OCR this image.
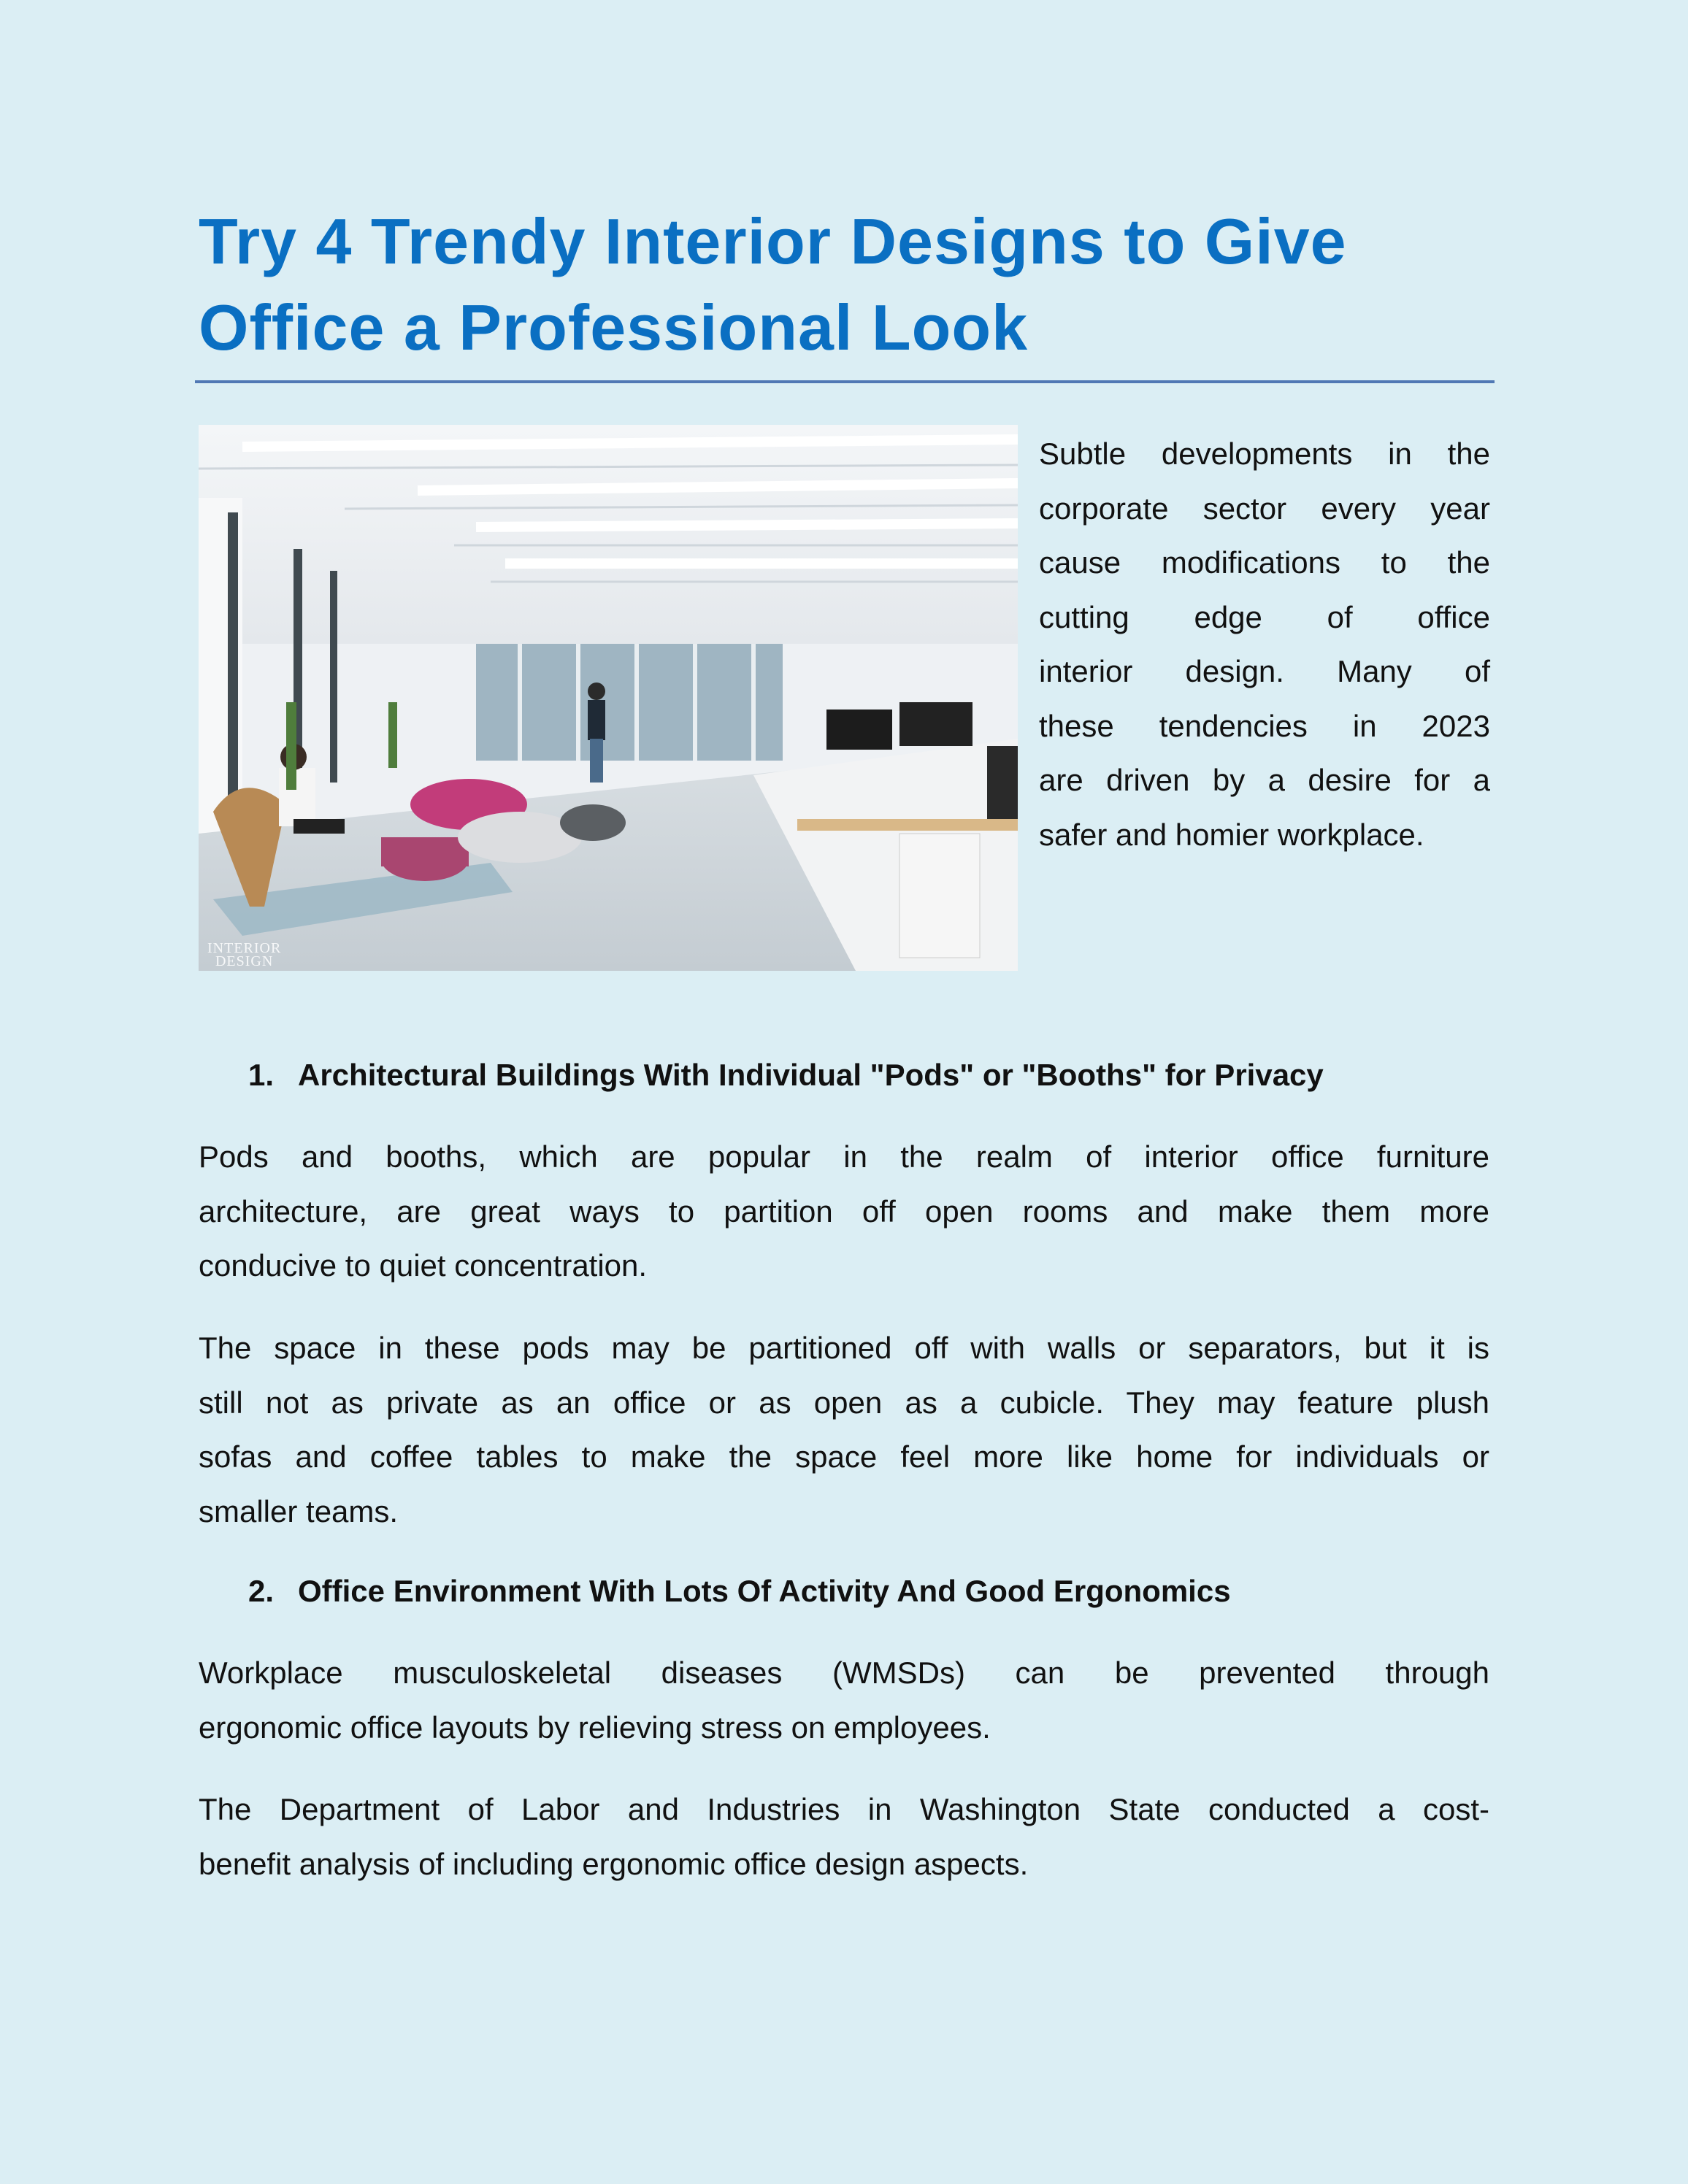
Try 4 Trendy Interior Designs to Give
Office a Professional Look
INTERIOR
DESIGN
Subtle developments in the
corporate sector every year
cause modifications to the
cutting edge of office
interior design. Many of
these tendencies in 2023
are driven by a desire for a
safer and homier workplace.
1. Architectural Buildings With Individual "Pods" or "Booths" for Privacy
Pods and booths, which are popular in the realm of interior office furniture
architecture, are great ways to partition off open rooms and make them more
conducive to quiet concentration.
The space in these pods may be partitioned off with walls or separators, but it is
still not as private as an office or as open as a cubicle. They may feature plush
sofas and coffee tables to make the space feel more like home for individuals or
smaller teams.
2. Office Environment With Lots Of Activity And Good Ergonomics
Workplace musculoskeletal diseases (WMSDs) can be prevented through
ergonomic office layouts by relieving stress on employees.
The Department of Labor and Industries in Washington State conducted a cost-
benefit analysis of including ergonomic office design aspects.
